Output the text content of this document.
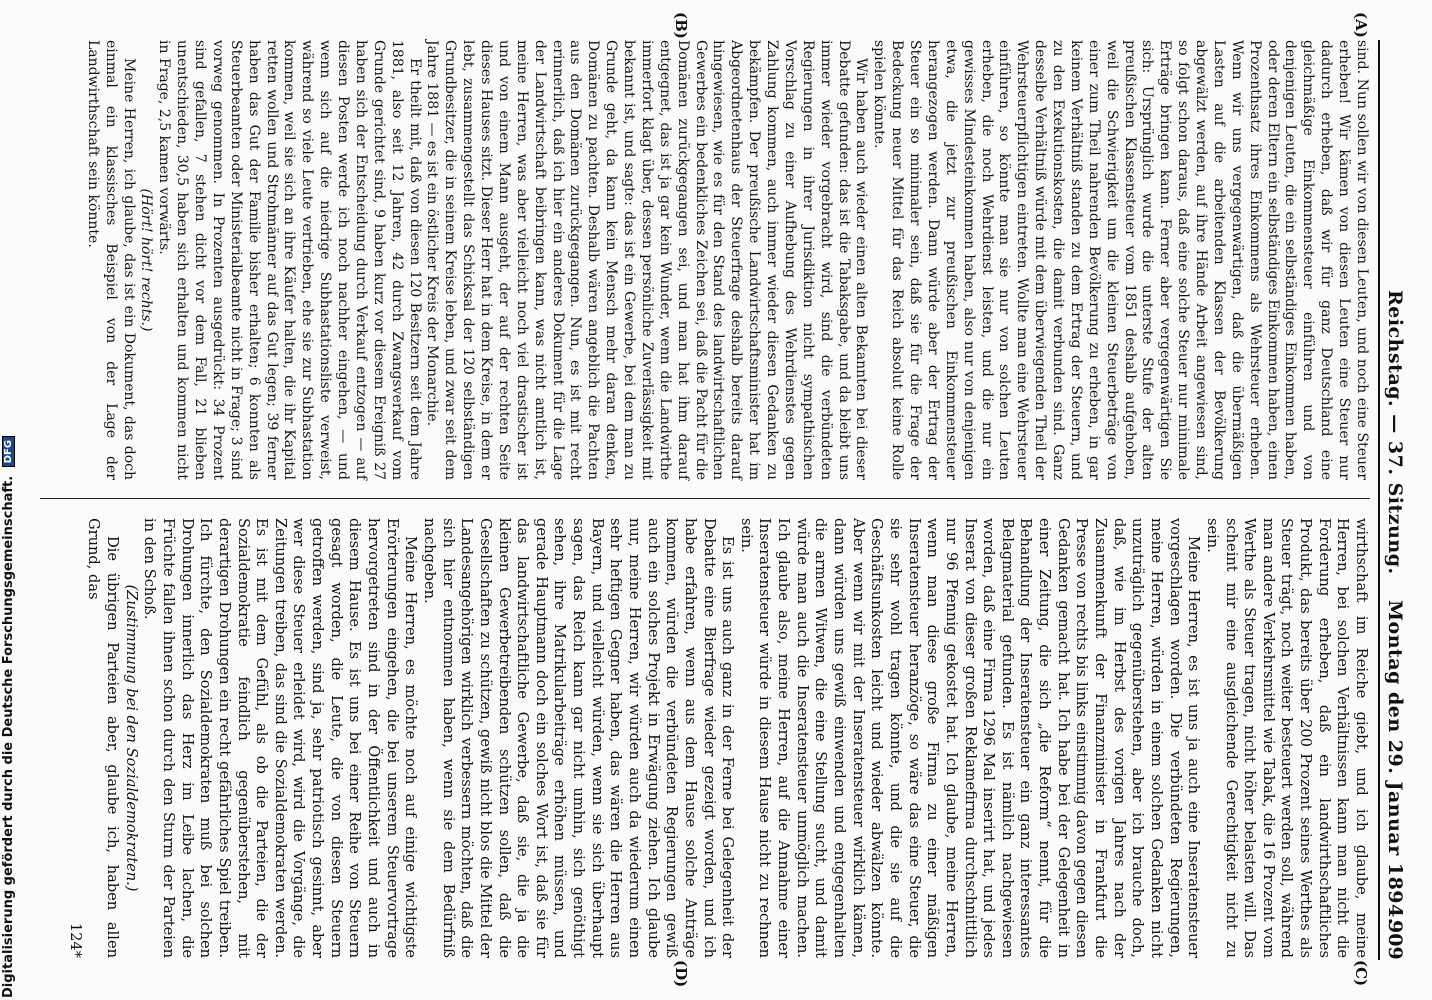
Digitalisierung gefördert durch die Deutsche Forschungsgemeinschaft. DFG	Reichstag. — 37. Sitzung.
Montag den 29. Januar 1894.
909
(A)
(B)
(C)
(D)

sind. Nun sollen wir von diesen Leuten, und noch eine Steuer erheben! Wir kämen von diesen Leuten eine Steuer nur dadurch erheben, daß wir für ganz Deutschland eine gleichmäßige Einkommensteuer einführen und von denjenigen Leuten, die ein selbständiges Einkommen haben, oder deren Eltern ein selbständiges Einkommen haben, einen Prozenthsatz ihres Einkommens als Wehrsteuer erheben. Wenn wir uns vergegenwärtigen, daß die übermäßigen Lasten auf die arbeitenden Klassen der Bevölkerung abgewälzt werden, auf ihre Hände Arbeit angewiesen sind, so folgt schon daraus, daß eine solche Steuer nur minimale Erträge bringen kann. Ferner aber vergegenwärtigen Sie sich: Ursprünglich wurde die unterste Stufe der alten preußischen Klassensteuer vom 1851 deshalb aufgehoben, weil die Schwierigkeit um die kleinen Steuerbeträge von einer zum Theil nahrenden Bevölkerung zu erheben, in gar keinem Verhältniß standen zu dem Ertrag der Steuern, und zu den Exekutionskosten, die damit verbunden sind. Ganz desselbe Verhältniß würde mit dem überwiegenden Theil der Wehrsteuerpflichtigen eintreten. Wollte man eine Wehrsteuer einführen, so könnte man sie nur von solchen Leuten erheben, die noch Wehrdienst leisten, und die nur ein gewisses Mindesteinkommen haben, also nur von denjenigen etwa, die jetzt zur preußischen Einkommensteuer herangezogen werden. Dann würde aber der Ertrag der Steuer ein so minimaler sein, daß sie für die Frage der Bedeckung neuer Mittel für das Reich absolut keine Rolle spielen könnte.

Wir haben auch wieder einen alten Bekannten bei dieser Debatte gefunden: das ist die Tabaksgabe, und da bleibt uns immer wieder vorgebracht wird, sind die verbündeten Regierungen in ihrer Jurisdiktion nicht sympathischen Vorschlag zu einer Aufhebung des Wehrdienstes gegen Zahlung kommen, auch immer wieder diesen Gedanken zu bekämpfen. Der preußische Landwirtschaftsminister hat im Abgeordnetenhaus der Steuerfrage deshalb bereits darauf hingewiesen, wie es für den Stand des landwirtschaftlichen Gewerbes ein bedenkliches Zeichen sei, daß die Pacht für die Domänen zurückgegangen sei, und man hat ihm darauf entgegnet, das ist ja gar kein Wunder, wenn die Landwirthe immerfort klagt über, dessen persönliche Zuverlässigkeit mit bekannt ist, und sagte: das ist ein Gewerbe, bei dem man zu Grunde geht, da kann kein Mensch mehr daran denken, Domänen zu pachten. Deshalb wären angeblich die Pachten aus den Domänen zurückgegangen. Nun, es ist mit recht erinnerlich, daß ich hier ein anderes Dokument für die Lage der Landwirtschaft beibringen kann, was nicht amtlich ist, meine Herren, was aber vielleicht noch viel drastischer ist und von einem Mann ausgeht, der auf der rechten Seite dieses Hauses sitzt. Dieser Herr hat in dem Kreise, in dem er lebt, zusammengestellt das Schicksal der 120 selbständigen Grundbesitzer, die in seinem Kreise leben, und zwar seit dem Jahre 1881 — es ist ein östlicher Kreis der Monarchie.

Er theilt mit, daß von diesen 120 Besitzern seit dem Jahre 1881, also seit 12 Jahren, 42 durch Zwangsverkauf vom Grunde gerichtet sind, 9 haben kurz vor diesem Ereigniß 27 haben sich der Entscheidung durch Verkauf entzogen — auf diesen Posten werde ich noch nachher eingehen, — und wenn sich auf die niedrige Subhastationsliste verweist, während so viele Leute vertrieben, ehe sie zur Subhastation kommen, weil sie sich an ihre Käufer halten, die ihr Kapital retten wollen und Strohmänner auf das Gut legen; 39 ferner haben das Gut der Familie bisher erhalten; 6 konnten als Steuerbeamten oder Ministerialbeamte nicht in Frage; 3 sind vorweg genommen. In Prozenten ausgedrückt: 34 Prozent sind gefallen, 7 stehen dicht vor dem Fall, 21 blieben unentschieden, 30,5 haben sich erhalten und kommen nicht in Frage, 2,5 kamen vorwärts.

(Hört! hört! rechts.)

Meine Herren, ich glaube, das ist ein Dokument, das doch einmal ein klassisches Beispiel von der Lage der Landwirthschaft sein könnte.

wirthschaft im Reiche giebt, und ich glaube, meine Herren, bei solchen Verhältnissen kann man nicht die Forderung erheben, daß ein landwirthschaftliches Produkt, das bereits über 200 Prozent seines Werthes als Steuer trägt, noch weiter besteuert werden soll, während man andere Verkehrsmittel wie Tabak, die 16 Prozent vom Werthe als Steuer tragen, nicht höher belasten will. Das scheint mir eine ausgleichende Gerechtigkeit nicht zu sein.

Meine Herren, es ist uns ja auch eine Inseratensteuer vorgeschlagen worden. Die verbündeten Regierungen, meine Herren, würden in einem solchen Gedanken nicht unzuträglich gegenüberstehen, aber ich brauche doch, daß, wie im Herbst des vorigen Jahres nach der Zusammenkunft der Finanzminister in Frankfurt die Presse von rechts bis links einstimmig davon gegen diesen Gedanken gemacht hat. Ich habe bei der Gelegenheit in einer Zeitung, die sich „die Reform“ nennt, für die Behandlung der Inseratensteuer ein ganz interessantes Belagmaterial gefunden. Es ist nämlich nachgewiesen worden, daß eine Firma 1296 Mal inserirt hat, und jedes Inserat von dieser großen Reklamefirma durchschnittlich nur 96 Pfennig gekostet hat. Ich glaube, meine Herren, wenn man diese große Firma zu einer mäßigen Inseratensteuer heranzöge, so wäre das eine Steuer, die sie sehr wohl tragen könnte, und die sie auf die Geschäftsunkosten leicht und wieder abwälzen könnte. Aber wenn wir mit der Inseratensteuer wirklich kämen, dann würden uns gewiß einwenden und entgegenhalten die armen Witwen, die eine Stellung sucht, und damit würde man auch die Inseratensteuer unmöglich machen. Ich glaube also, meine Herren, auf die Annahme einer Inseratensteuer würde in diesem Hause nicht zu rechnen sein.

Es ist uns auch ganz in der Ferne bei Gelegenheit der Debatte eine Bierfrage wieder gezeigt worden, und ich habe erfahren, wenn aus dem Hause solche Anträge kommen, würden die verbündeten Regierungen gewiß auch ein solches Projekt in Erwägung ziehen. Ich glaube nur, meine Herren, wir würden auch da wiederum einen sehr heftigen Gegner haben, das wären die Herren aus Bayern, und vielleicht würden, wenn sie sich überhaupt sagen, das Reich kann gar nicht umhin, sich genöthigt sehen, ihre Matrikularbeiträge erhöhen müssen, und gerade Hauptmann doch ein solches Wort ist, daß sie für das landwirtschaftliche Gewerbe, daß sie, die ja die kleinen Gewerbetreibenden schützen sollen, daß die Gesellschaften zu schützen, gewiß nicht blos die Mittel der Landesangehörigen wirklich verbessern möchten, daß die sich hier entnommen haben, wenn sie dem Bedürfniß nachgeben.

Meine Herren, es möchte noch auf einige wichtigste Erörterungen eingehen, die bei unserem Steuervortrage hervorgetreten sind in der Öffentlichkeit und auch in diesem Hause. Es ist uns bei einer Reihe von Steuern gesagt worden, die Leute, die von diesen Steuern getroffen werden, sind ja, sehr patriotisch gesinnt, aber wer diese Steuer erleidet wird, wird die Vorgänge, die Zeitungen treiben, das sind die Sozialdemokraten werden. Es ist mit dem Gefühl, als ob die Parteien, die der Sozialdemokratie feindlich gegenüberstehen, mit derartigen Drohungen ein recht gefährliches Spiel treiben. Ich fürchte, den Sozialdemokraten muß bei solchen Drohungen innerlich das Herz im Leibe lachen, die Früchte fallen ihnen schon durch den Sturm der Parteien in den Schoß.

(Zustimmung bei den Sozialdemokraten.)

Die übrigen Parteien aber, glaube ich, haben allen Grund, das

124*
